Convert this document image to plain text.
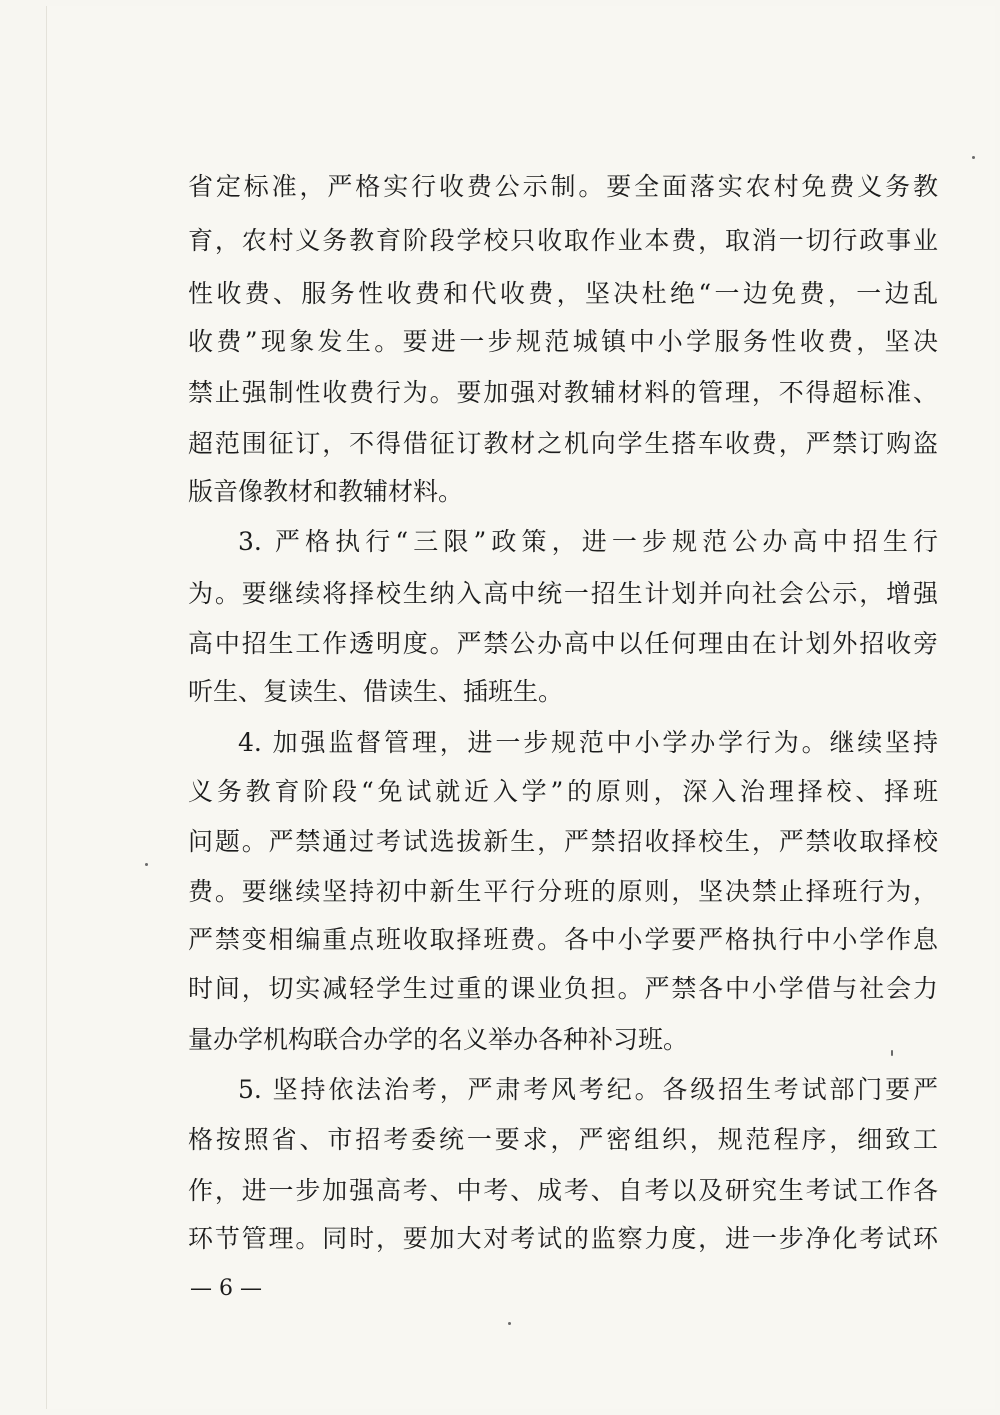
省定标准，严格实行收费公示制。要全面落实农村免费义务教
育，农村义务教育阶段学校只收取作业本费，取消一切行政事业
性收费、服务性收费和代收费，坚决杜绝“一边免费，一边乱
收费”现象发生。要进一步规范城镇中小学服务性收费，坚决
禁止强制性收费行为。要加强对教辅材料的管理，不得超标准、
超范围征订，不得借征订教材之机向学生搭车收费，严禁订购盗
版音像教材和教辅材料。
3. 严格执行“三限”政策，进一步规范公办高中招生行
为。要继续将择校生纳入高中统一招生计划并向社会公示，增强
高中招生工作透明度。严禁公办高中以任何理由在计划外招收旁
听生、复读生、借读生、插班生。
4. 加强监督管理，进一步规范中小学办学行为。继续坚持
义务教育阶段“免试就近入学”的原则，深入治理择校、择班
问题。严禁通过考试选拔新生，严禁招收择校生，严禁收取择校
费。要继续坚持初中新生平行分班的原则，坚决禁止择班行为，
严禁变相编重点班收取择班费。各中小学要严格执行中小学作息
时间，切实减轻学生过重的课业负担。严禁各中小学借与社会力
量办学机构联合办学的名义举办各种补习班。
5. 坚持依法治考，严肃考风考纪。各级招生考试部门要严
格按照省、市招考委统一要求，严密组织，规范程序，细致工
作，进一步加强高考、中考、成考、自考以及研究生考试工作各
环节管理。同时，要加大对考试的监察力度，进一步净化考试环
— 6 —
